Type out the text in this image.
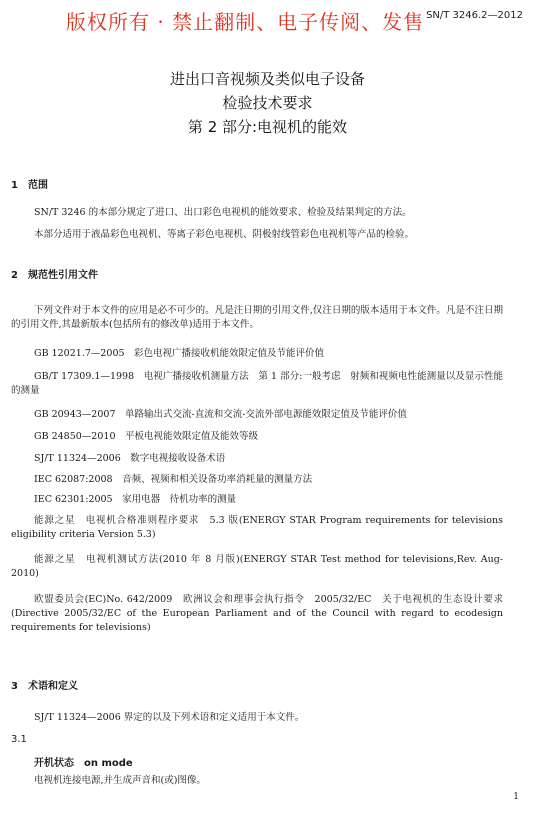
版权所有 · 禁止翻制、电子传阅、发售 SN/T 3246.2—2012
进出口音视频及类似电子设备
检验技术要求
第 2 部分:电视机的能效
1　范围
SN/T 3246 的本部分规定了进口、出口彩色电视机的能效要求、检验及结果判定的方法。
本部分适用于液晶彩色电视机、等离子彩色电视机、阴极射线管彩色电视机等产品的检验。
2　规范性引用文件
下列文件对于本文件的应用是必不可少的。凡是注日期的引用文件,仅注日期的版本适用于本文件。凡是不注日期的引用文件,其最新版本(包括所有的修改单)适用于本文件。
GB 12021.7—2005　彩色电视广播接收机能效限定值及节能评价值
GB/T 17309.1—1998　电视广播接收机测量方法　第 1 部分:一般考虑　射频和视频电性能测量以及显示性能的测量
GB 20943—2007　单路输出式交流-直流和交流-交流外部电源能效限定值及节能评价值
GB 24850—2010　平板电视能效限定值及能效等级
SJ/T 11324—2006　数字电视接收设备术语
IEC 62087:2008　音频、视频和相关设备功率消耗量的测量方法
IEC 62301:2005　家用电器　待机功率的测量
能源之星　电视机合格准则程序要求　5.3 版(ENERGY STAR Program requirements for televisions eligibility criteria Version 5.3)
能源之星　电视机测试方法(2010 年 8 月版)(ENERGY STAR Test method for televisions,Rev. Aug-2010)
欧盟委员会(EC)No. 642/2009　欧洲议会和理事会执行指令　2005/32/EC　关于电视机的生态设计要求(Directive 2005/32/EC of the European Parliament and of the Council with regard to ecodesign requirements for televisions)
3　术语和定义
SJ/T 11324—2006 界定的以及下列术语和定义适用于本文件。
3.1
开机状态　on mode
电视机连接电源,并生成声音和(或)图像。
1
